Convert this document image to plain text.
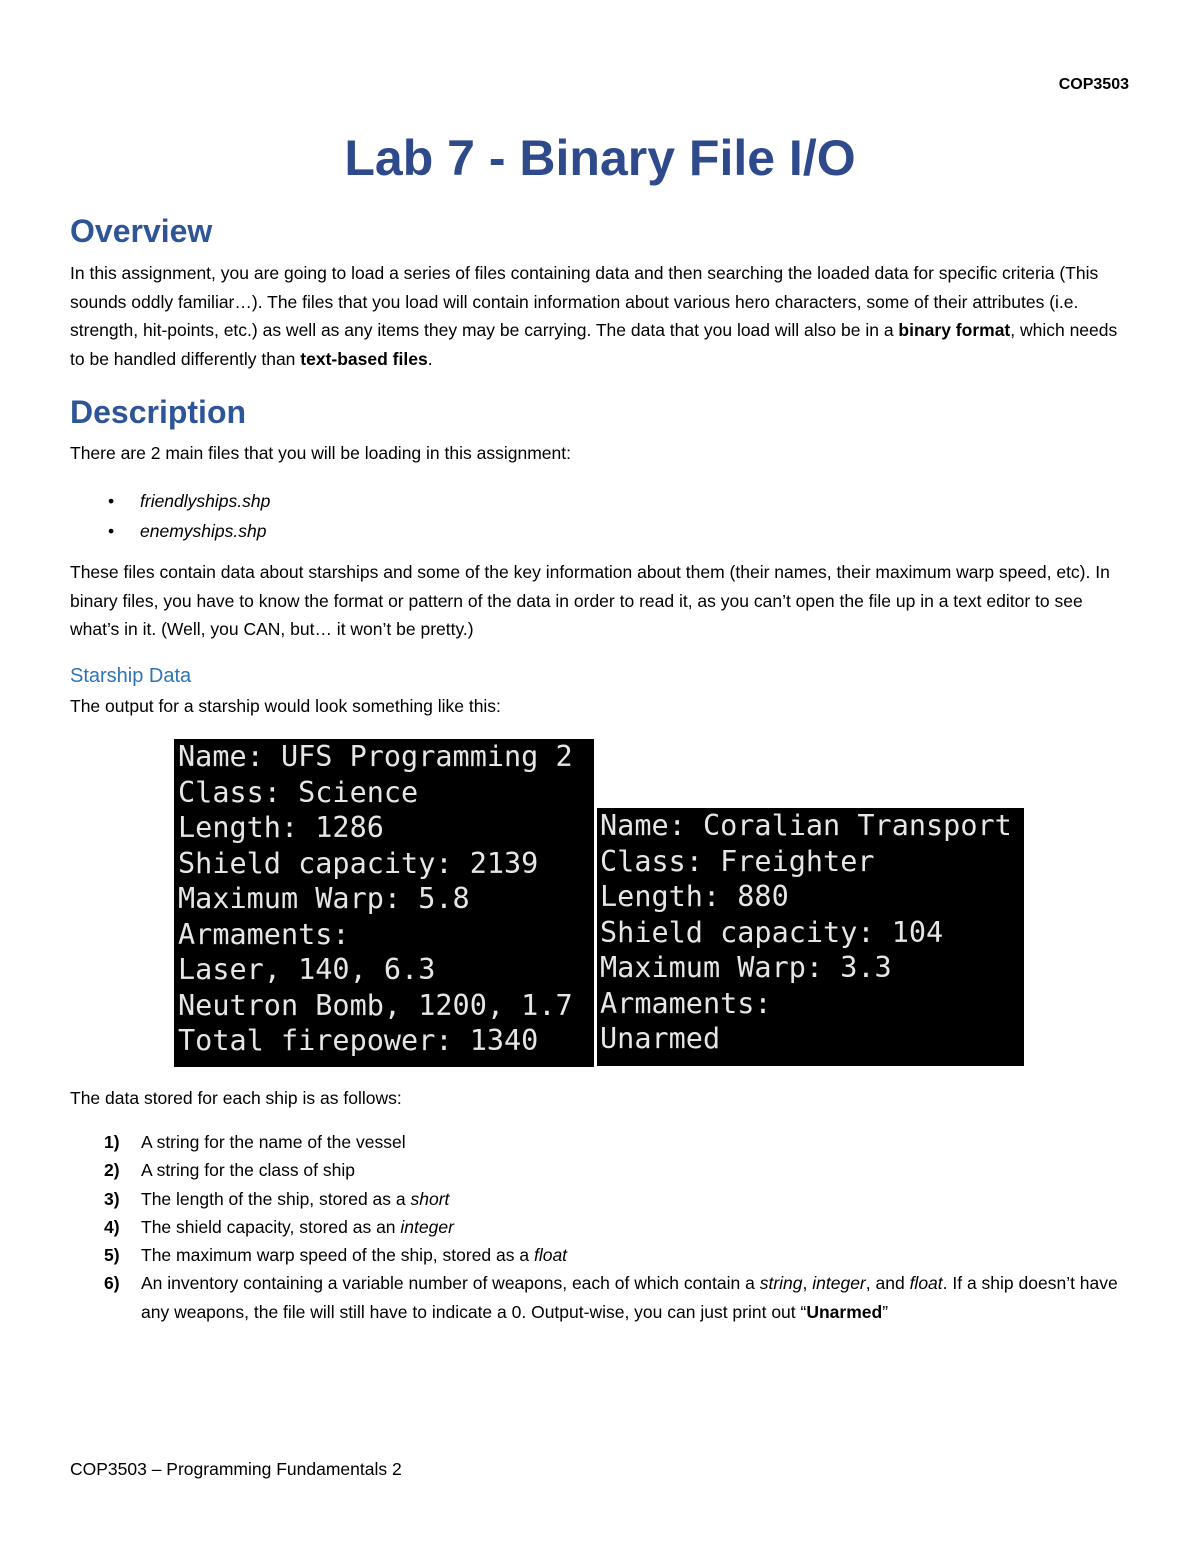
COP3503
Lab 7 - Binary File I/O
Overview

In this assignment, you are going to load a series of files containing data and then searching the loaded data for specific criteria (This sounds oddly familiar…). The files that you load will contain information about various hero characters, some of their attributes (i.e. strength, hit-points, etc.) as well as any items they may be carrying. The data that you load will also be in a binary format, which needs to be handled differently than text-based files.

Description

There are 2 main files that you will be loading in this assignment:

• friendlyships.shp
• enemyships.shp

These files contain data about starships and some of the key information about them (their names, their maximum warp speed, etc). In binary files, you have to know the format or pattern of the data in order to read it, as you can’t open the file up in a text editor to see what’s in it. (Well, you CAN, but… it won’t be pretty.)

Starship Data

The output for a starship would look something like this:

Name: UFS Programming 2
Class: Science
Length: 1286
Shield capacity: 2139
Maximum Warp: 5.8
Armaments:
Laser, 140, 6.3
Neutron Bomb, 1200, 1.7
Total firepower: 1340
Name: Coralian Transport
Class: Freighter
Length: 880
Shield capacity: 104
Maximum Warp: 3.3
Armaments:
Unarmed

The data stored for each ship is as follows:

1) A string for the name of the vessel
2) A string for the class of ship
3) The length of the ship, stored as a short
4) The shield capacity, stored as an integer
5) The maximum warp speed of the ship, stored as a float
6) An inventory containing a variable number of weapons, each of which contain a string, integer, and float. If a ship doesn’t have any weapons, the file will still have to indicate a 0. Output-wise, you can just print out “Unarmed”
COP3503 – Programming Fundamentals 2
